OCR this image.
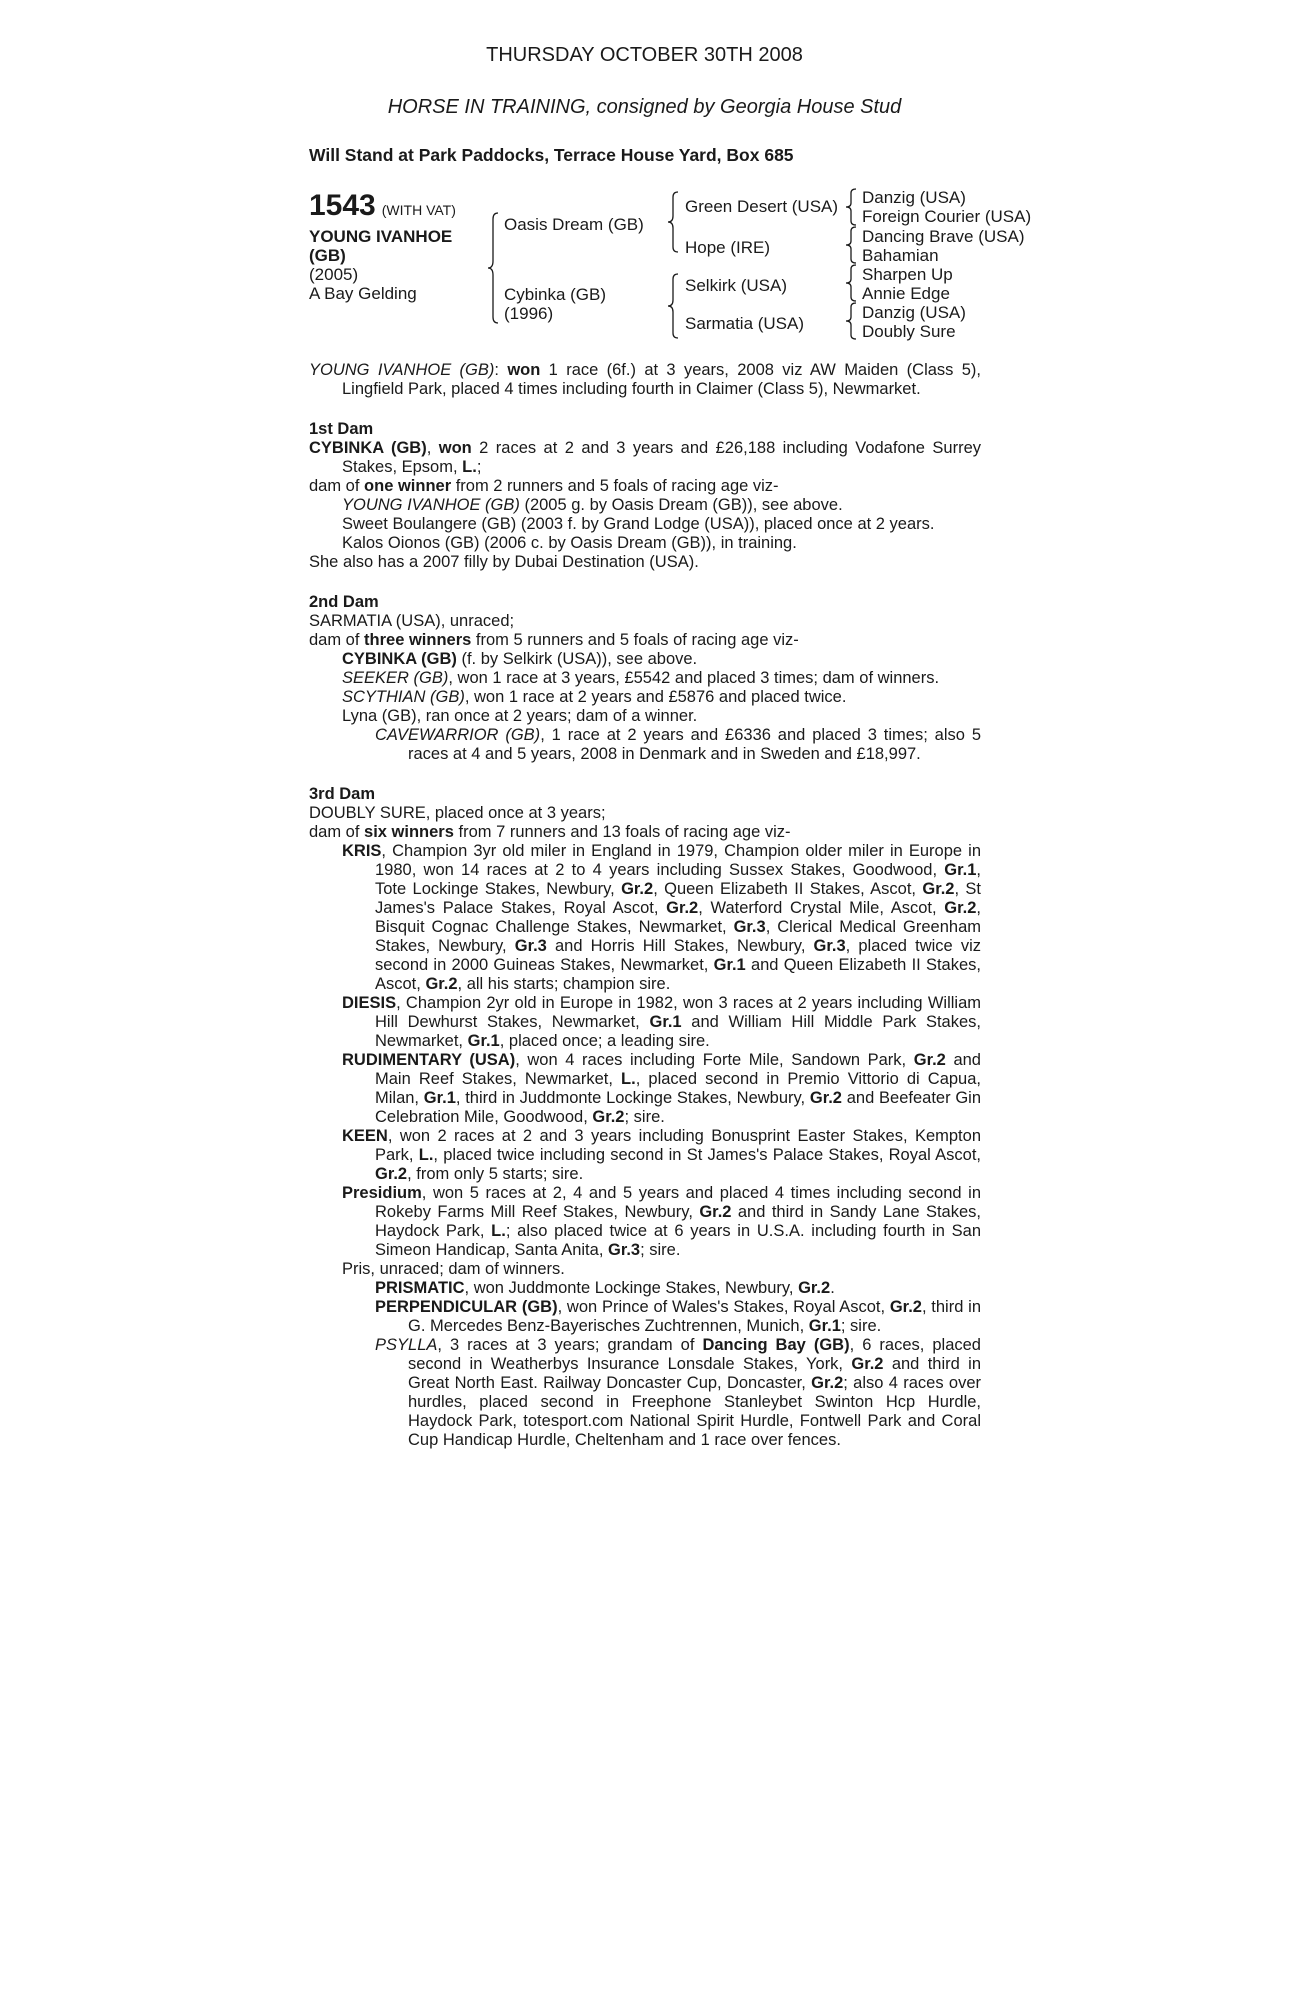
THURSDAY OCTOBER 30TH 2008
HORSE IN TRAINING, consigned by Georgia House Stud
Will Stand at Park Paddocks, Terrace House Yard, Box 685
1543 (WITH VAT)
YOUNG IVANHOE
(GB)
(2005)
A Bay Gelding
Oasis Dream (GB)
Cybinka (GB)
(1996)
Green Desert (USA)
Hope (IRE)
Selkirk (USA)
Sarmatia (USA)
Danzig (USA)
Foreign Courier (USA)
Dancing Brave (USA)
Bahamian
Sharpen Up
Annie Edge
Danzig (USA)
Doubly Sure

YOUNG IVANHOE (GB): won 1 race (6f.) at 3 years, 2008 viz AW Maiden (Class 5), Lingfield Park, placed 4 times including fourth in Claimer (Class 5), Newmarket.

1st Dam

CYBINKA (GB), won 2 races at 2 and 3 years and £26,188 including Vodafone Surrey Stakes, Epsom, L.;

dam of one winner from 2 runners and 5 foals of racing age viz-

YOUNG IVANHOE (GB) (2005 g. by Oasis Dream (GB)), see above.

Sweet Boulangere (GB) (2003 f. by Grand Lodge (USA)), placed once at 2 years.

Kalos Oionos (GB) (2006 c. by Oasis Dream (GB)), in training.

She also has a 2007 filly by Dubai Destination (USA).

2nd Dam

SARMATIA (USA), unraced;

dam of three winners from 5 runners and 5 foals of racing age viz-

CYBINKA (GB) (f. by Selkirk (USA)), see above.

SEEKER (GB), won 1 race at 3 years, £5542 and placed 3 times; dam of winners.

SCYTHIAN (GB), won 1 race at 2 years and £5876 and placed twice.

Lyna (GB), ran once at 2 years; dam of a winner.

CAVEWARRIOR (GB), 1 race at 2 years and £6336 and placed 3 times; also 5 races at 4 and 5 years, 2008 in Denmark and in Sweden and £18,997.

3rd Dam

DOUBLY SURE, placed once at 3 years;

dam of six winners from 7 runners and 13 foals of racing age viz-

KRIS, Champion 3yr old miler in England in 1979, Champion older miler in Europe in 1980, won 14 races at 2 to 4 years including Sussex Stakes, Goodwood, Gr.1, Tote Lockinge Stakes, Newbury, Gr.2, Queen Elizabeth II Stakes, Ascot, Gr.2, St James's Palace Stakes, Royal Ascot, Gr.2, Waterford Crystal Mile, Ascot, Gr.2, Bisquit Cognac Challenge Stakes, Newmarket, Gr.3, Clerical Medical Greenham Stakes, Newbury, Gr.3 and Horris Hill Stakes, Newbury, Gr.3, placed twice viz second in 2000 Guineas Stakes, Newmarket, Gr.1 and Queen Elizabeth II Stakes, Ascot, Gr.2, all his starts; champion sire.

DIESIS, Champion 2yr old in Europe in 1982, won 3 races at 2 years including William Hill Dewhurst Stakes, Newmarket, Gr.1 and William Hill Middle Park Stakes, Newmarket, Gr.1, placed once; a leading sire.

RUDIMENTARY (USA), won 4 races including Forte Mile, Sandown Park, Gr.2 and Main Reef Stakes, Newmarket, L., placed second in Premio Vittorio di Capua, Milan, Gr.1, third in Juddmonte Lockinge Stakes, Newbury, Gr.2 and Beefeater Gin Celebration Mile, Goodwood, Gr.2; sire.

KEEN, won 2 races at 2 and 3 years including Bonusprint Easter Stakes, Kempton Park, L., placed twice including second in St James's Palace Stakes, Royal Ascot, Gr.2, from only 5 starts; sire.

Presidium, won 5 races at 2, 4 and 5 years and placed 4 times including second in Rokeby Farms Mill Reef Stakes, Newbury, Gr.2 and third in Sandy Lane Stakes, Haydock Park, L.; also placed twice at 6 years in U.S.A. including fourth in San Simeon Handicap, Santa Anita, Gr.3; sire.

Pris, unraced; dam of winners.

PRISMATIC, won Juddmonte Lockinge Stakes, Newbury, Gr.2.

PERPENDICULAR (GB), won Prince of Wales's Stakes, Royal Ascot, Gr.2, third in G. Mercedes Benz-Bayerisches Zuchtrennen, Munich, Gr.1; sire.

PSYLLA, 3 races at 3 years; grandam of Dancing Bay (GB), 6 races, placed second in Weatherbys Insurance Lonsdale Stakes, York, Gr.2 and third in Great North East. Railway Doncaster Cup, Doncaster, Gr.2; also 4 races over hurdles, placed second in Freephone Stanleybet Swinton Hcp Hurdle, Haydock Park, totesport.com National Spirit Hurdle, Fontwell Park and Coral Cup Handicap Hurdle, Cheltenham and 1 race over fences.
